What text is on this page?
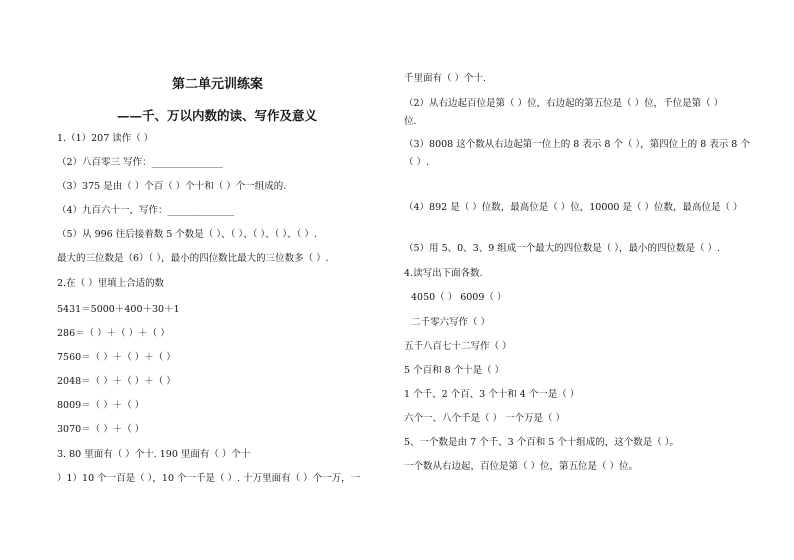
第二单元训练案
——千、万以内数的读、写作及意义
1.（1）207 读作（ ）
（2）八百零三 写作：_______________
（3）375 是由（ ）个百（ ）个十和（ ）个一组成的.
（4）九百六十一，写作：______________
（5）从 996 往后接着数 5 个数是（ ）、（ ）、（ ）、（ ）、（ ）.
最大的三位数是（6）（ ），最小的四位数比最大的三位数多（ ）.
2.在（ ）里填上合适的数
5431＝5000＋400＋30＋1
286＝（ ）＋（ ）＋（ ）
7560＝（ ）＋（ ）＋（ ）
2048＝（ ）＋（ ）＋（ ）
8009＝（ ）＋（ ）
3070＝（ ）＋（ ）
3. 80 里面有（ ）个十. 190 里面有（ ）个十
）1）10 个一百是（ ），10 个一千是（ ）. 十万里面有（ ）个一万，一
千里面有（ ）个十.
（2）从右边起百位是第（ ）位，右边起的第五位是（ ）位，千位是第（ ）
位.
（3）8008 这个数从右边起第一位上的 8 表示 8 个（ ），第四位上的 8 表示 8 个
（ ）.
（4）892 是（ ）位数，最高位是（ ）位，10000 是（ ）位数，最高位是（ ）
（5）用 5、0、3、9 组成一个最大的四位数是（ ），最小的四位数是（ ）.
4.读写出下面各数.
4050（ ） 6009（ ）
二千零六写作（ ）
五千八百七十二写作（ ）
5 个百和 8 个十是（ ）
1 个千、2 个百、3 个十和 4 个一是（ ）
六个一、八个千是（ ） 一个万是（ ）
5、一个数是由 7 个千、3 个百和 5 个十组成的，这个数是（ ）。
一个数从右边起，百位是第（ ）位，第五位是（ ）位。
